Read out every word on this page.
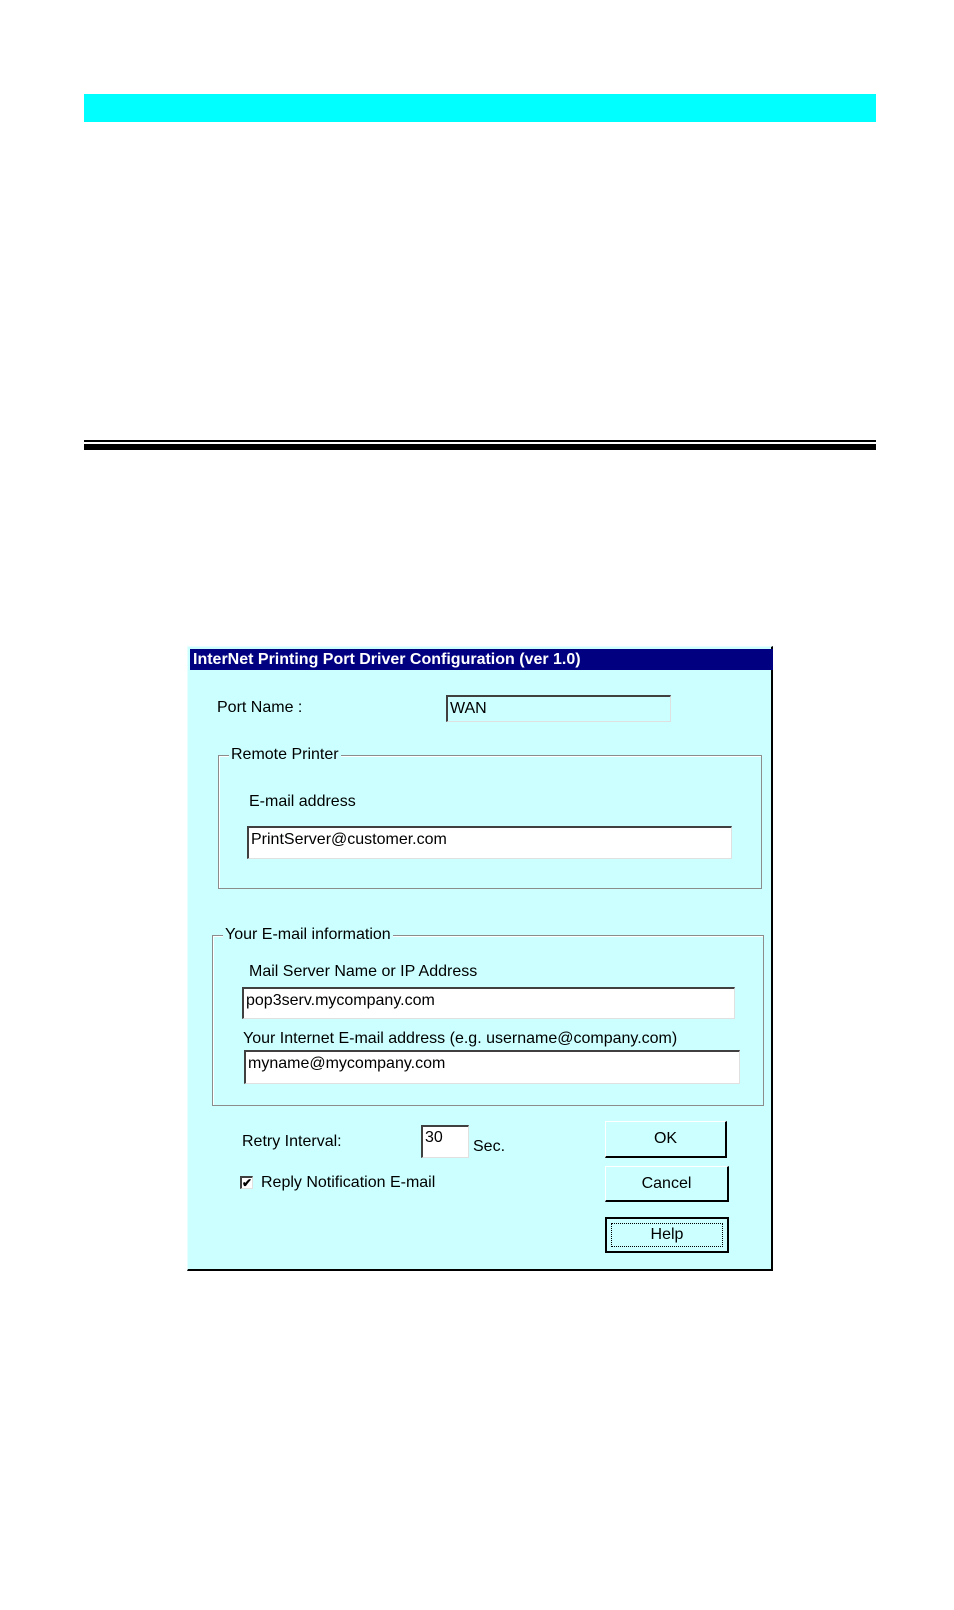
InterNet Printing Port Driver Configuration (ver 1.0)
Port Name :	WAN
Remote Printer
E-mail address
PrintServer@customer.com
Your E-mail information
Mail Server Name or IP Address
pop3serv.mycompany.com
Your Internet E-mail address (e.g. username@company.com)
myname@mycompany.com
Retry Interval:	30
Sec.
✔ Reply Notification E-mail
OK
Cancel
Help
